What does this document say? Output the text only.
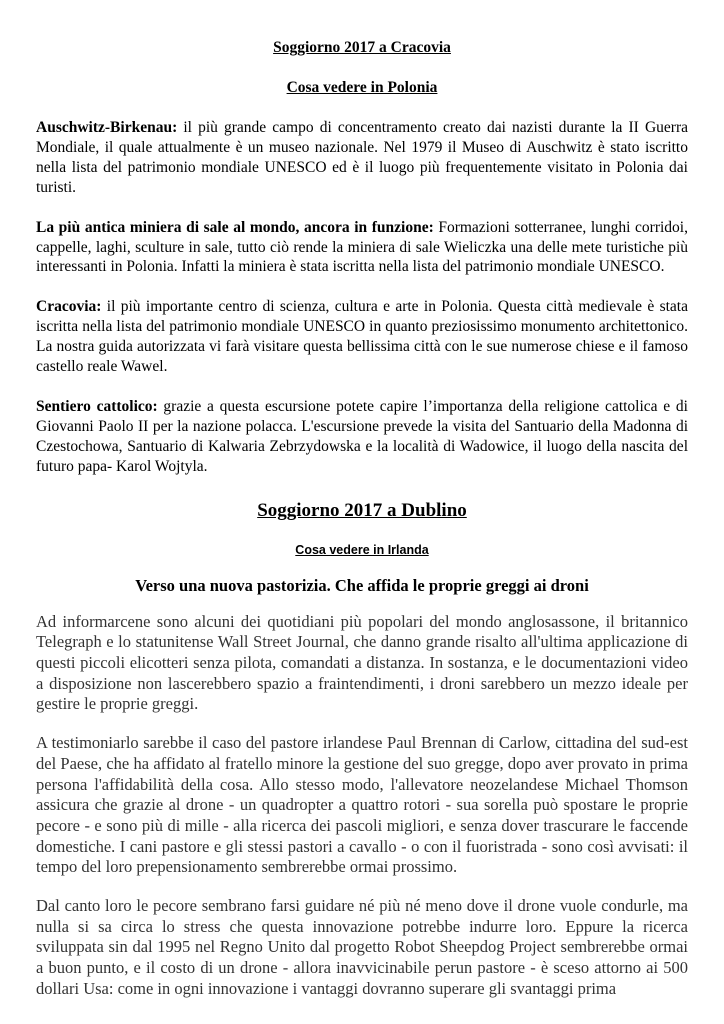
Soggiorno 2017 a Cracovia

Cosa vedere in Polonia

Auschwitz-Birkenau: il più grande campo di concentramento creato dai nazisti durante la II Guerra Mondiale, il quale attualmente è un museo nazionale. Nel 1979 il Museo di Auschwitz è stato iscritto nella lista del patrimonio mondiale UNESCO ed è il luogo più frequentemente visitato in Polonia dai turisti.

La più antica miniera di sale al mondo, ancora in funzione: Formazioni sotterranee, lunghi corridoi, cappelle, laghi, sculture in sale, tutto ciò rende la miniera di sale Wieliczka una delle mete turistiche più interessanti in Polonia. Infatti la miniera è stata iscritta nella lista del patrimonio mondiale UNESCO.

Cracovia: il più importante centro di scienza, cultura e arte in Polonia. Questa città medievale è stata iscritta nella lista del patrimonio mondiale UNESCO in quanto preziosissimo monumento architettonico. La nostra guida autorizzata vi farà visitare questa bellissima città con le sue numerose chiese e il famoso castello reale Wawel.

Sentiero cattolico: grazie a questa escursione potete capire l’importanza della religione cattolica e di Giovanni Paolo II per la nazione polacca. L'escursione prevede la visita del Santuario della Madonna di Czestochowa, Santuario di Kalwaria Zebrzydowska e la località di Wadowice, il luogo della nascita del futuro papa- Karol Wojtyla.

Soggiorno 2017 a Dublino

Cosa vedere in Irlanda

Verso una nuova pastorizia. Che affida le proprie greggi ai droni

Ad informarcene sono alcuni dei quotidiani più popolari del mondo anglosassone, il britannico Telegraph e lo statunitense Wall Street Journal, che danno grande risalto all'ultima applicazione di questi piccoli elicotteri senza pilota, comandati a distanza. In sostanza, e le documentazioni video a disposizione non lascerebbero spazio a fraintendimenti, i droni sarebbero un mezzo ideale per gestire le proprie greggi.

A testimoniarlo sarebbe il caso del pastore irlandese Paul Brennan di Carlow, cittadina del sud-est del Paese, che ha affidato al fratello minore la gestione del suo gregge, dopo aver provato in prima persona l'affidabilità della cosa. Allo stesso modo, l'allevatore neozelandese Michael Thomson assicura che grazie al drone - un quadropter a quattro rotori - sua sorella può spostare le proprie pecore - e sono più di mille - alla ricerca dei pascoli migliori, e senza dover trascurare le faccende domestiche. I cani pastore e gli stessi pastori a cavallo - o con il fuoristrada - sono così avvisati: il tempo del loro prepensionamento sembrerebbe ormai prossimo.

Dal canto loro le pecore sembrano farsi guidare né più né meno dove il drone vuole condurle, ma nulla si sa circa lo stress che questa innovazione potrebbe indurre loro. Eppure la ricerca sviluppata sin dal 1995 nel Regno Unito dal progetto Robot Sheepdog Project sembrerebbe ormai a buon punto, e il costo di un drone - allora inavvicinabile perun pastore - è sceso attorno ai 500 dollari Usa: come in ogni innovazione i vantaggi dovranno superare gli svantaggi prima
